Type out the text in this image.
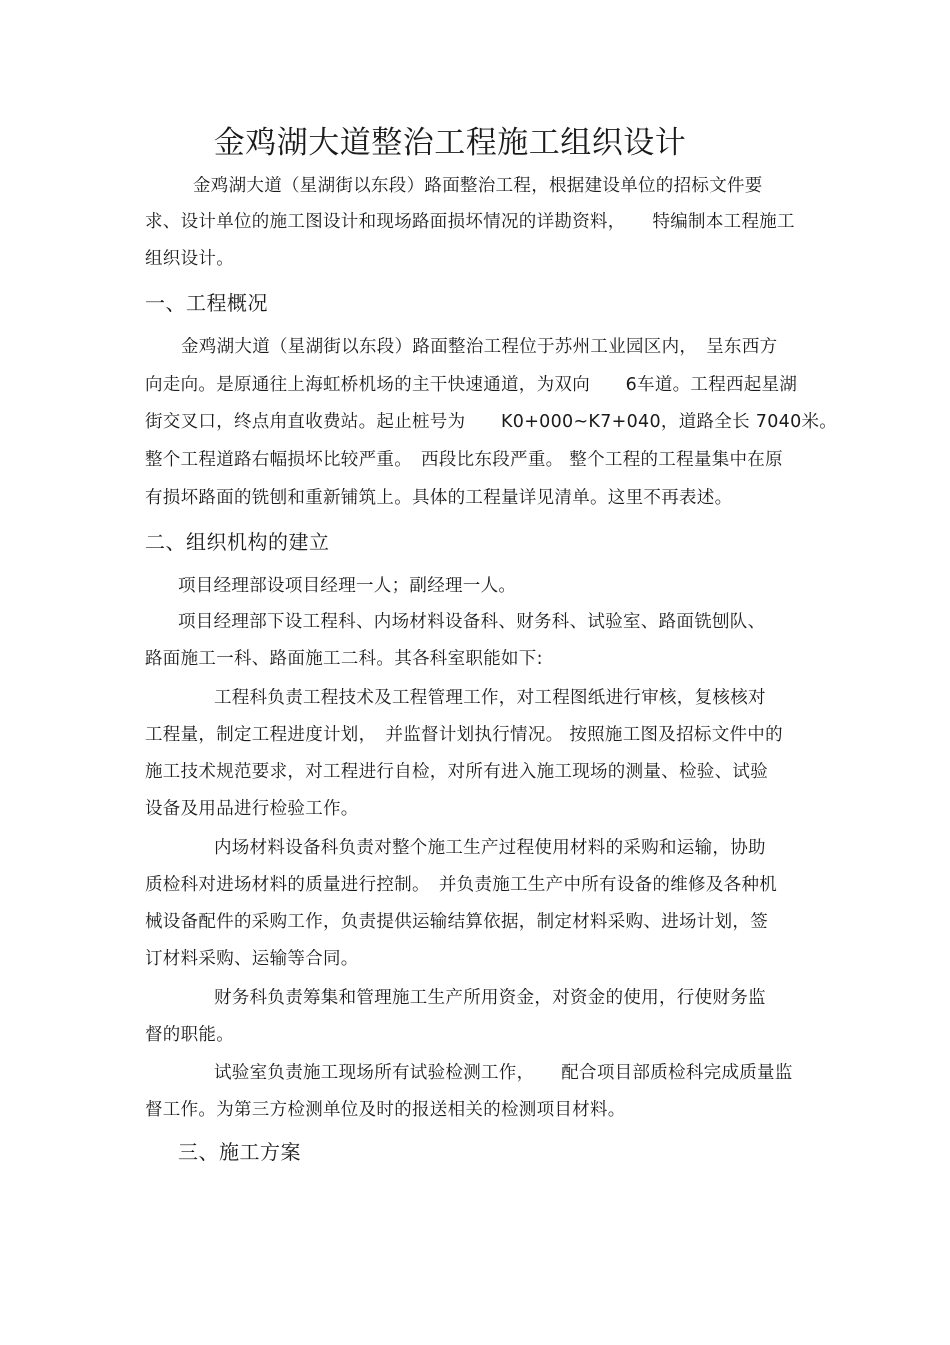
金鸡湖大道整治工程施工组织设计
金鸡湖大道（星湖街以东段）路面整治工程，根据建设单位的招标文件要
求、设计单位的施工图设计和现场路面损坏情况的详勘资料，　　特编制本工程施工
组织设计。
一、工程概况
金鸡湖大道（星湖街以东段）路面整治工程位于苏州工业园区内，　呈东西方
向走向。是原通往上海虹桥机场的主干快速通道，为双向　　6车道。工程西起星湖
街交叉口，终点甪直收费站。起止桩号为　　K0+000~K7+040，道路全长 7040米。
整个工程道路右幅损坏比较严重。　西段比东段严重。 整个工程的工程量集中在原
有损坏路面的铣刨和重新铺筑上。具体的工程量详见清单。这里不再表述。
二、组织机构的建立
项目经理部设项目经理一人；副经理一人。
项目经理部下设工程科、内场材料设备科、财务科、试验室、路面铣刨队、
路面施工一科、路面施工二科。其各科室职能如下:
工程科负责工程技术及工程管理工作，对工程图纸进行审核，复核核对
工程量，制定工程进度计划，　并监督计划执行情况。 按照施工图及招标文件中的
施工技术规范要求，对工程进行自检，对所有进入施工现场的测量、检验、试验
设备及用品进行检验工作。
内场材料设备科负责对整个施工生产过程使用材料的采购和运输，协助
质检科对进场材料的质量进行控制。　并负责施工生产中所有设备的维修及各种机
械设备配件的采购工作，负责提供运输结算依据，制定材料采购、进场计划，签
订材料采购、运输等合同。
财务科负责筹集和管理施工生产所用资金，对资金的使用，行使财务监
督的职能。
试验室负责施工现场所有试验检测工作，　　配合项目部质检科完成质量监
督工作。为第三方检测单位及时的报送相关的检测项目材料。
三、施工方案
